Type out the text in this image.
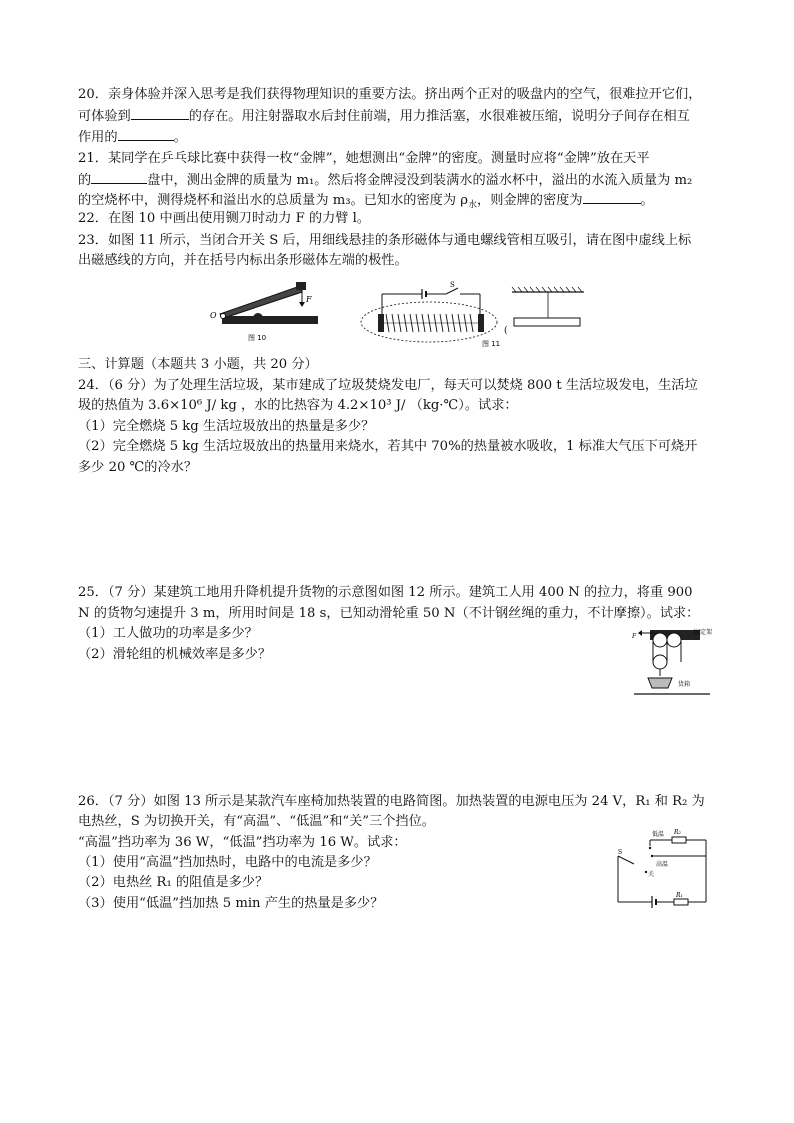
20．亲身体验并深入思考是我们获得物理知识的重要方法。挤出两个正对的吸盘内的空气，很难拉开它们，
可体验到	的存在。用注射器取水后封住前端，用力推活塞，水很难被压缩，说明分子间存在相互
作用的	。
21．某同学在乒乓球比赛中获得一枚“金牌”，她想测出“金牌”的密度。测量时应将“金牌”放在天平
的	盘中，测出金牌的质量为 m₁。然后将金牌浸没到装满水的溢水杯中，溢出的水流入质量为 m₂
的空烧杯中，测得烧杯和溢出水的总质量为 m₃。已知水的密度为 $\rho_水$，则金牌的密度为	。
22．在图 10 中画出使用铡刀时动力 F 的力臂 l。
23．如图 11 所示，当闭合开关 S 后，用细线悬挂的条形磁体与通电螺线管相互吸引，请在图中虚线上标
出磁感线的方向，并在括号内标出条形磁体左端的极性。
O
F
图 10
S
(
图 11
三、计算题（本题共 3 小题，共 20 分）
24．（6 分）为了处理生活垃圾，某市建成了垃圾焚烧发电厂，每天可以焚烧 800 t 生活垃圾发电，生活垃
圾的热值为 3.6×10⁶ J/ kg ，水的比热容为 4.2×10³ J/ （kg·℃）。试求：
（1）完全燃烧 5 kg 生活垃圾放出的热量是多少？
（2）完全燃烧 5 kg 生活垃圾放出的热量用来烧水，若其中 70%的热量被水吸收，1 标准大气压下可烧开
多少 20 ℃的冷水？
25．（7 分）某建筑工地用升降机提升货物的示意图如图 12 所示。建筑工人用 400 N 的拉力，将重 900
N 的货物匀速提升 3 m，所用时间是 18 s，已知动滑轮重 50 N（不计钢丝绳的重力，不计摩擦）。试求：
（1）工人做功的功率是多少？
（2）滑轮组的机械效率是多少？
固定架
F
货箱
26．（7 分）如图 13 所示是某款汽车座椅加热装置的电路简图。加热装置的电源电压为 24 V，R₁ 和 R₂ 为
电热丝，S 为切换开关，有“高温”、“低温”和“关”三个挡位。
“高温”挡功率为 36 W，“低温”挡功率为 16 W。试求：
（1）使用“高温”挡加热时，电路中的电流是多少？
（2）电热丝 R₁ 的阻值是多少？
（3）使用“低温”挡加热 5 min 产生的热量是多少？
R₁
S
R₂
低温
高温
关
